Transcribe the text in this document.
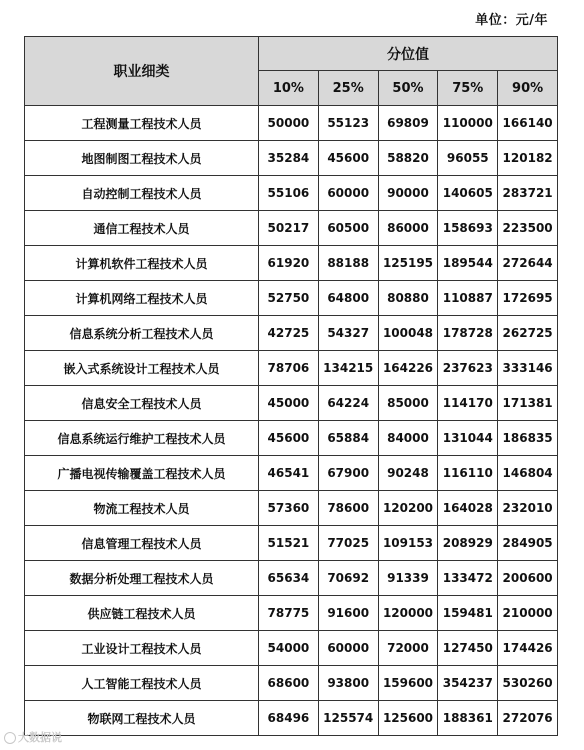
单位：元/年
职业细类	分位值				
	10%	25%	50%	75%	90%
工程测量工程技术人员	50000	55123	69809	110000	166140
地图制图工程技术人员	35284	45600	58820	96055	120182
自动控制工程技术人员	55106	60000	90000	140605	283721
通信工程技术人员	50217	60500	86000	158693	223500
计算机软件工程技术人员	61920	88188	125195	189544	272644
计算机网络工程技术人员	52750	64800	80880	110887	172695
信息系统分析工程技术人员	42725	54327	100048	178728	262725
嵌入式系统设计工程技术人员	78706	134215	164226	237623	333146
信息安全工程技术人员	45000	64224	85000	114170	171381
信息系统运行维护工程技术人员	45600	65884	84000	131044	186835
广播电视传输覆盖工程技术人员	46541	67900	90248	116110	146804
物流工程技术人员	57360	78600	120200	164028	232010
信息管理工程技术人员	51521	77025	109153	208929	284905
数据分析处理工程技术人员	65634	70692	91339	133472	200600
供应链工程技术人员	78775	91600	120000	159481	210000
工业设计工程技术人员	54000	60000	72000	127450	174426
人工智能工程技术人员	68600	93800	159600	354237	530260
物联网工程技术人员	68496	125574	125600	188361	272076
大数据说
